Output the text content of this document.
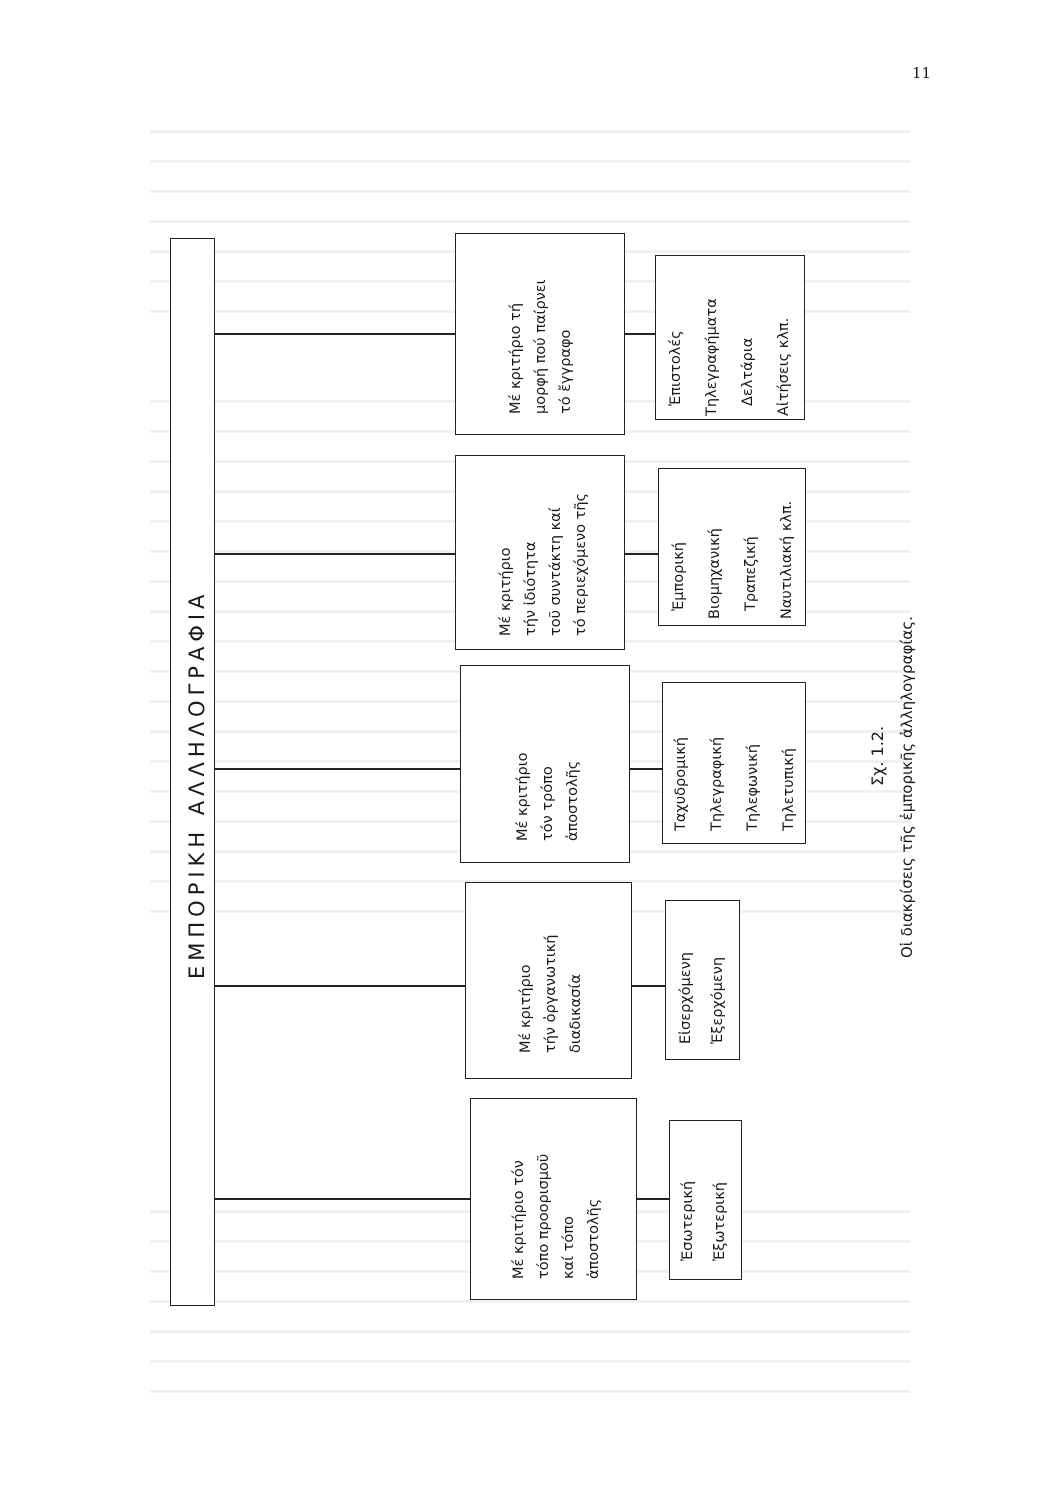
11
ΕΜΠΟΡΙΚΗ ΑΛΛΗΛΟΓΡΑΦΙΑ
Μέ κριτήριο τόν τόπο προορισμοῦ καί τόπο ἀποστολῆς	Ἐσωτερική	Ἐξωτερική
Μέ κριτήριο τήν ὀργανωτική διαδικασία	Εἰσερχόμενη	Ἐξερχόμενη
Μέ κριτήριο τόν τρόπο ἀποστολῆς	Ταχυδρομική	Τηλεγραφική	Τηλεφωνική	Τηλετυπική
Μέ κριτήριο τήν ἰδιότητα τοῦ συντάκτη καί τό περιεχόμενο τῆς	Ἐμπορική	Βιομηχανική	Τραπεζική	Ναυτιλιακή κλπ.
Μέ κριτήριο τή μορφή πού παίρνει τό ἔγγραφο	Ἐπιστολές	Τηλεγραφήματα	Δελτάρια	Αἰτήσεις κλπ.
Σχ. 1.2. Οἱ διακρίσεις τῆς ἐμπορικῆς ἀλληλογραφίας.
